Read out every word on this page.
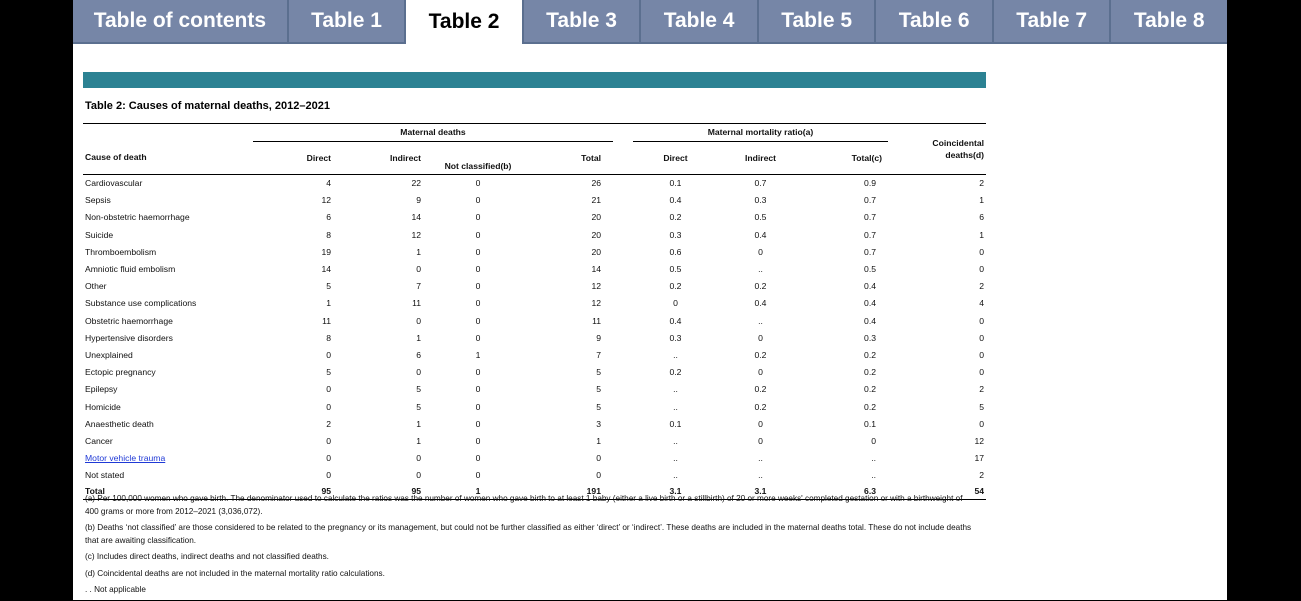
Table of contents	Table 1	Table 2	Table 3	Table 4	Table 5	Table 6	Table 7	Table 8
Table 2: Causes of maternal deaths, 2012–2021
	Maternal deaths					Maternal mortality ratio(a)			Coincidental
deaths(d)
Cause of death	Direct	Indirect	Not classified(b)	Total		Direct	Indirect	Total(c)	
Cardiovascular	4	22	0	26		0.1	0.7	0.9	2
Sepsis	12	9	0	21		0.4	0.3	0.7	1
Non-obstetric haemorrhage	6	14	0	20		0.2	0.5	0.7	6
Suicide	8	12	0	20		0.3	0.4	0.7	1
Thromboembolism	19	1	0	20		0.6	0	0.7	0
Amniotic fluid embolism	14	0	0	14		0.5	..	0.5	0
Other	5	7	0	12		0.2	0.2	0.4	2
Substance use complications	1	11	0	12		0	0.4	0.4	4
Obstetric haemorrhage	11	0	0	11		0.4	..	0.4	0
Hypertensive disorders	8	1	0	9		0.3	0	0.3	0
Unexplained	0	6	1	7		..	0.2	0.2	0
Ectopic pregnancy	5	0	0	5		0.2	0	0.2	0
Epilepsy	0	5	0	5		..	0.2	0.2	2
Homicide	0	5	0	5		..	0.2	0.2	5
Anaesthetic death	2	1	0	3		0.1	0	0.1	0
Cancer	0	1	0	1		..	0	0	12
Motor vehicle trauma	0	0	0	0		..	..	..	17
Not stated	0	0	0	0		..	..	..	2
Total	95	95	1	191		3.1	3.1	6.3	54

(a) Per 100,000 women who gave birth. The denominator used to calculate the ratios was the number of women who gave birth to at least 1 baby (either a live birth or a stillbirth) of 20 or more weeks' completed gestation or with a birthweight of 400 grams or more from 2012–2021 (3,036,072).

(b) Deaths ‘not classified’ are those considered to be related to the pregnancy or its management, but could not be further classified as either ‘direct’ or ‘indirect’. These deaths are included in the maternal deaths total. These do not include deaths that are awaiting classification.

(c) Includes direct deaths, indirect deaths and not classified deaths.

(d) Coincidental deaths are not included in the maternal mortality ratio calculations.

. . Not applicable
